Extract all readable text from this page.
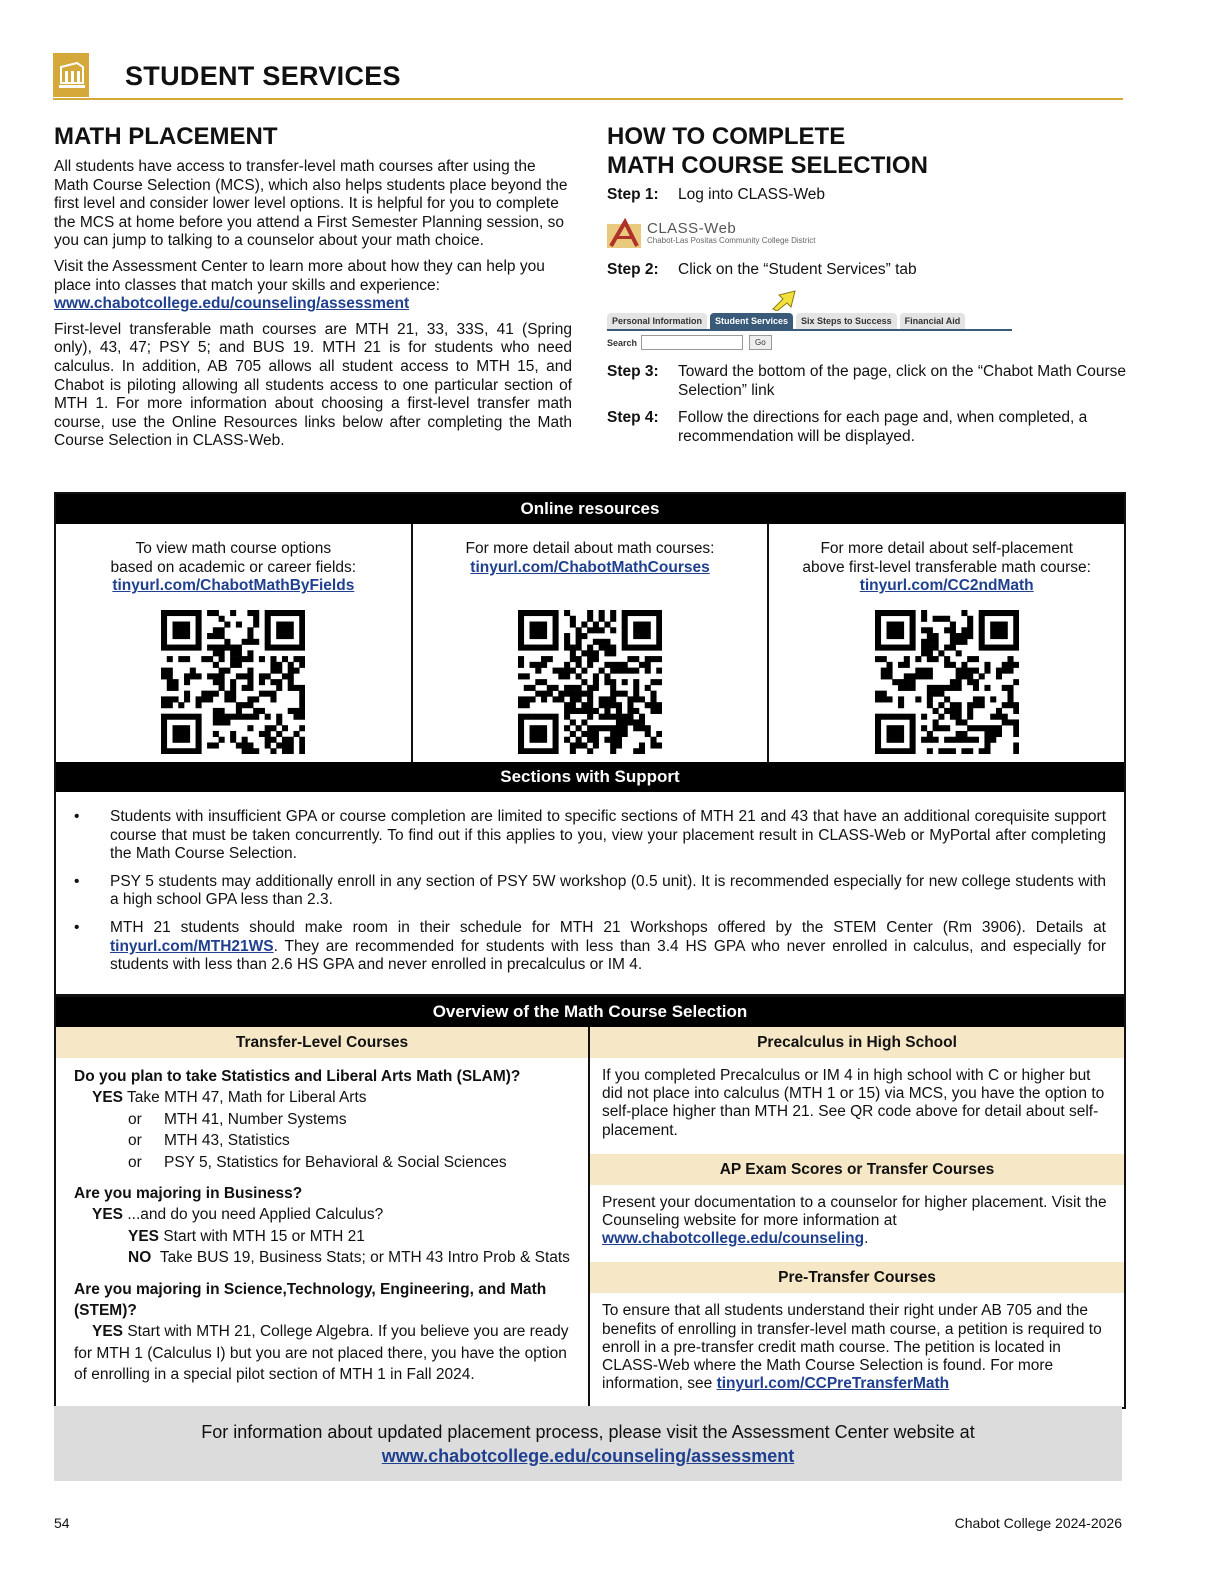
STUDENT SERVICES
MATH PLACEMENT

All students have access to transfer-level math courses after using the Math Course Selection (MCS), which also helps students place beyond the first level and consider lower level options. It is helpful for you to complete the MCS at home before you attend a First Semester Planning session, so you can jump to talking to a counselor about your math choice.

Visit the Assessment Center to learn more about how they can help you place into classes that match your skills and experience:
www.chabotcollege.edu/counseling/assessment

First-level transferable math courses are MTH 21, 33, 33S, 41 (Spring only), 43, 47; PSY 5; and BUS 19. MTH 21 is for students who need calculus. In addition, AB 705 allows all student access to MTH 15, and Chabot is piloting allowing all students access to one particular section of MTH 1. For more information about choosing a first-level transfer math course, use the Online Resources links below after completing the Math Course Selection in CLASS-Web.

HOW TO COMPLETE
MATH COURSE SELECTION
Step 1:	Log into CLASS-Web
CLASS-Web
Chabot-Las Positas Community College District
Step 2:	Click on the “Student Services” tab
Personal Information	Student Services	Six Steps to Success	Financial Aid
Search	Go
Step 3:	Toward the bottom of the page, click on the “Chabot Math Course Selection” link
Step 4:	Follow the directions for each page and, when completed, a recommendation will be displayed.
Online resources
To view math course options
based on academic or career fields:
tinyurl.com/ChabotMathByFields
For more detail about math courses:
tinyurl.com/ChabotMathCourses
For more detail about self-placement
above first-level transferable math course:
tinyurl.com/CC2ndMath
Sections with Support
• Students with insufficient GPA or course completion are limited to specific sections of MTH 21 and 43 that have an additional corequisite support course that must be taken concurrently. To find out if this applies to you, view your placement result in CLASS-Web or MyPortal after completing the Math Course Selection.
• PSY 5 students may additionally enroll in any section of PSY 5W workshop (0.5 unit). It is recommended especially for new college students with a high school GPA less than 2.3.
• MTH 21 students should make room in their schedule for MTH 21 Workshops offered by the STEM Center (Rm 3906). Details at tinyurl.com/MTH21WS. They are recommended for students with less than 3.4 HS GPA who never enrolled in calculus, and especially for students with less than 2.6 HS GPA and never enrolled in precalculus or IM 4.
Overview of the Math Course Selection
Transfer-Level Courses
Do you plan to take Statistics and Liberal Arts Math (SLAM)?
YES Take MTH 47, Math for Liberal Arts
or MTH 41, Number Systems
or MTH 43, Statistics
or PSY 5, Statistics for Behavioral & Social Sciences
Are you majoring in Business?
YES ...and do you need Applied Calculus?
YES Start with MTH 15 or MTH 21
NO Take BUS 19, Business Stats; or MTH 43 Intro Prob & Stats
Are you majoring in Science,Technology, Engineering, and Math (STEM)?
YES Start with MTH 21, College Algebra. If you believe you are ready for MTH 1 (Calculus I) but you are not placed there, you have the option of enrolling in a special pilot section of MTH 1 in Fall 2024.
Precalculus in High School
If you completed Precalculus or IM 4 in high school with C or higher but did not place into calculus (MTH 1 or 15) via MCS, you have the option to self-place higher than MTH 21. See QR code above for detail about self-placement.
AP Exam Scores or Transfer Courses
Present your documentation to a counselor for higher placement. Visit the Counseling website for more information at www.chabotcollege.edu/counseling.
Pre-Transfer Courses
To ensure that all students understand their right under AB 705 and the benefits of enrolling in transfer-level math course, a petition is required to enroll in a pre-transfer credit math course. The petition is located in CLASS-Web where the Math Course Selection is found. For more information, see tinyurl.com/CCPreTransferMath
For information about updated placement process, please visit the Assessment Center website at
www.chabotcollege.edu/counseling/assessment
54	Chabot College 2024-2026
